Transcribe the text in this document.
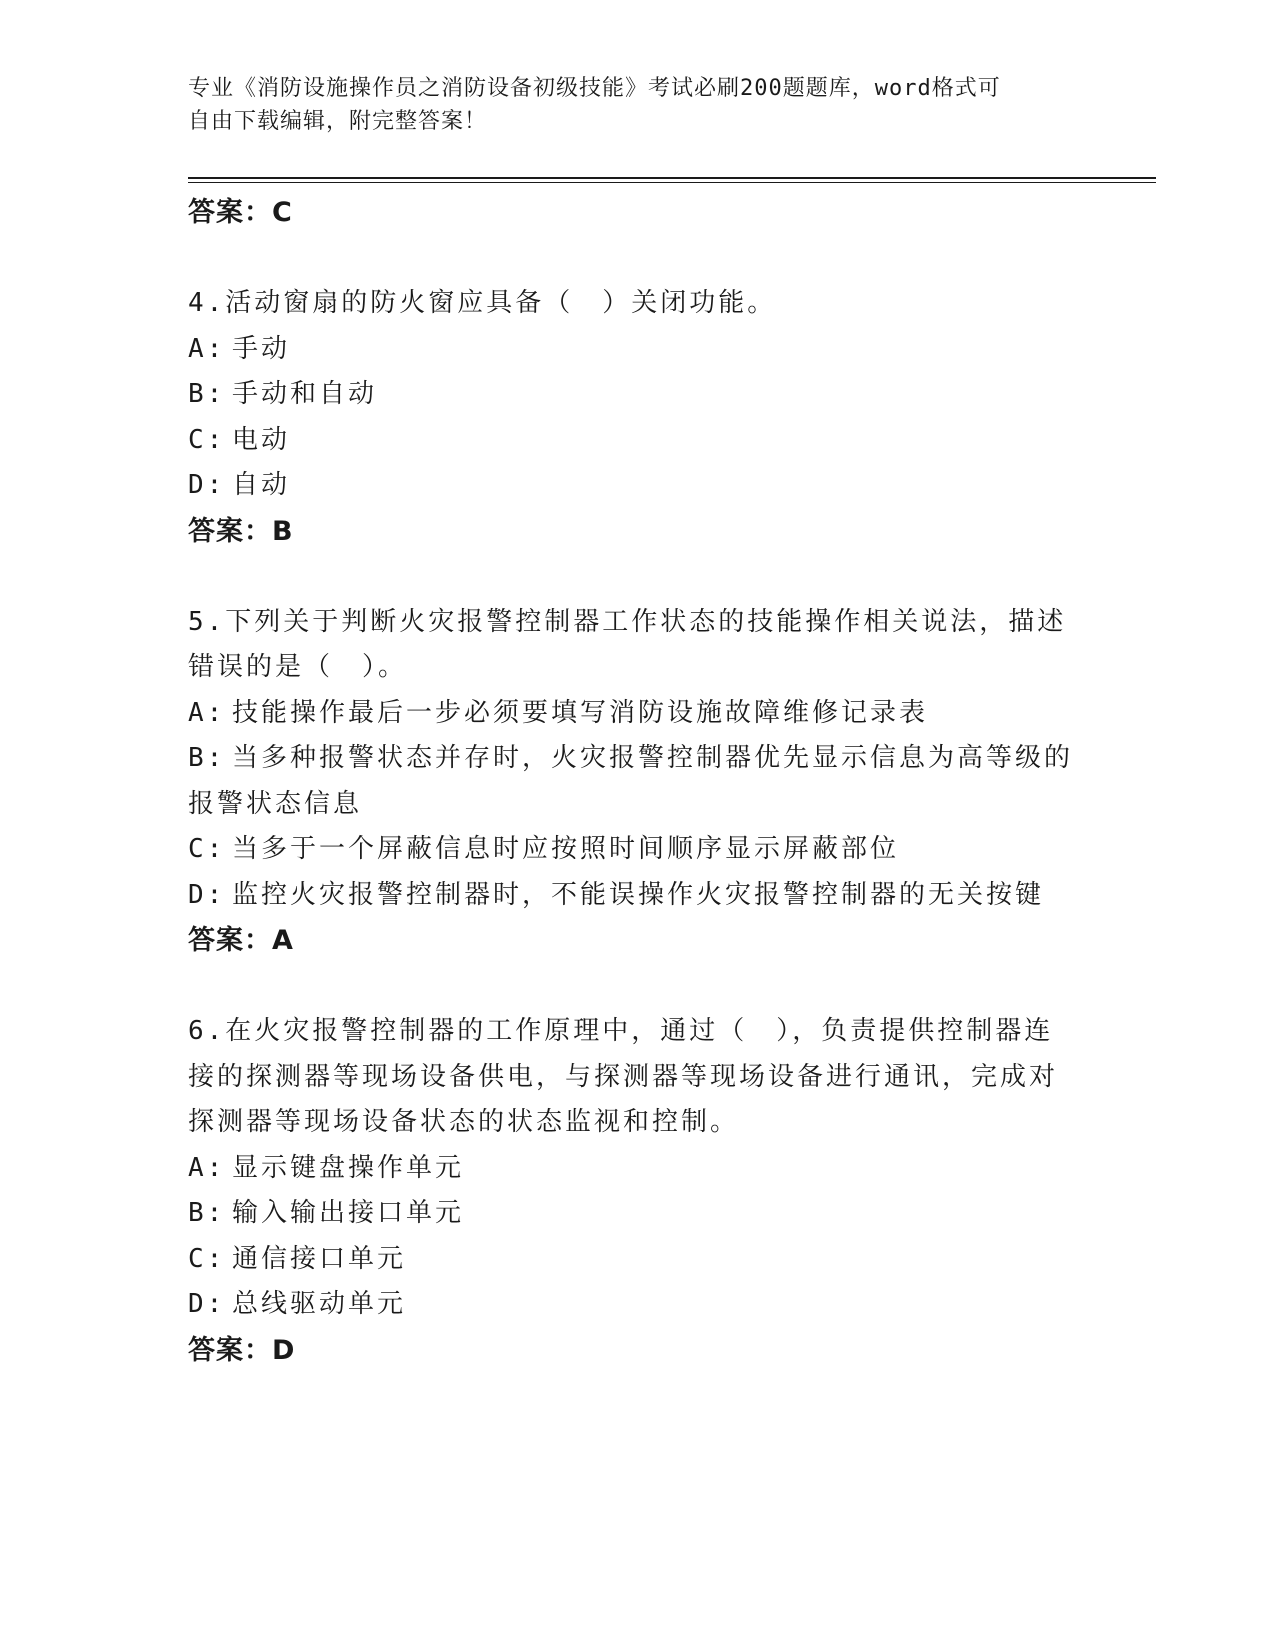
专业《消防设施操作员之消防设备初级技能》考试必刷200题题库，word格式可
自由下载编辑，附完整答案！
答案：C
4.活动窗扇的防火窗应具备（　）关闭功能。
A: 手动
B: 手动和自动
C: 电动
D: 自动
答案：B
5.下列关于判断火灾报警控制器工作状态的技能操作相关说法，描述
错误的是（　）。
A: 技能操作最后一步必须要填写消防设施故障维修记录表
B: 当多种报警状态并存时，火灾报警控制器优先显示信息为高等级的
报警状态信息
C: 当多于一个屏蔽信息时应按照时间顺序显示屏蔽部位
D: 监控火灾报警控制器时，不能误操作火灾报警控制器的无关按键
答案：A
6.在火灾报警控制器的工作原理中，通过（　），负责提供控制器连
接的探测器等现场设备供电，与探测器等现场设备进行通讯，完成对
探测器等现场设备状态的状态监视和控制。
A: 显示键盘操作单元
B: 输入输出接口单元
C: 通信接口单元
D: 总线驱动单元
答案：D
